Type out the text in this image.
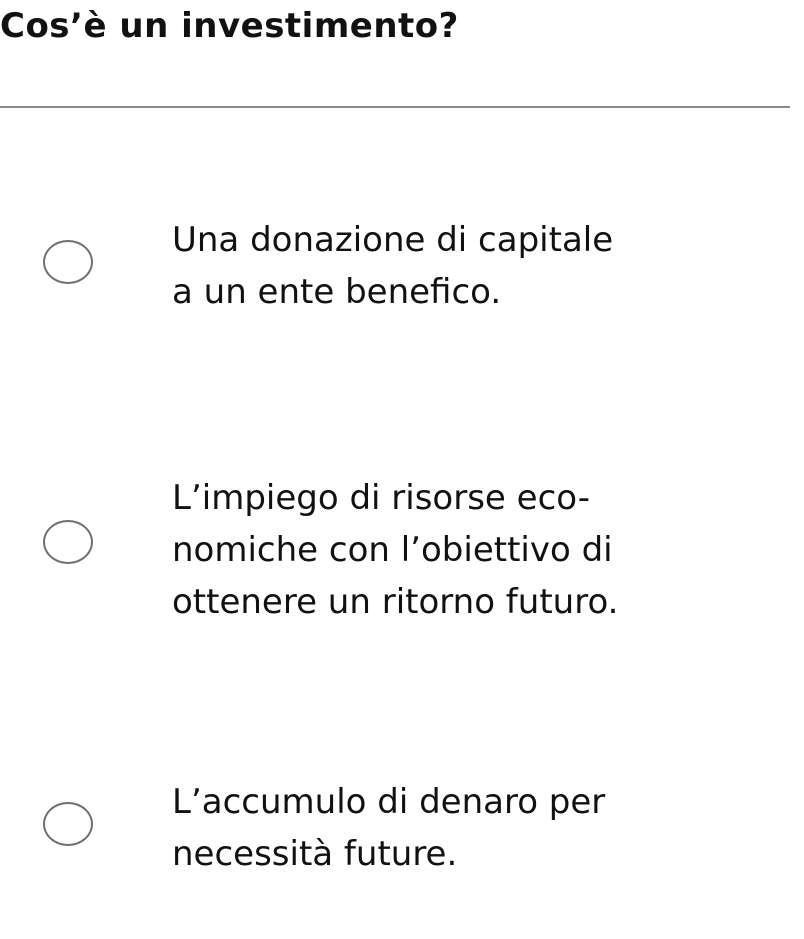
Cos’è un investimento?
Una donazione di capitale
a un ente benefico.
L’impiego di risorse eco-
nomiche con l’obiettivo di
ottenere un ritorno futuro.
L’accumulo di denaro per
necessità future.
